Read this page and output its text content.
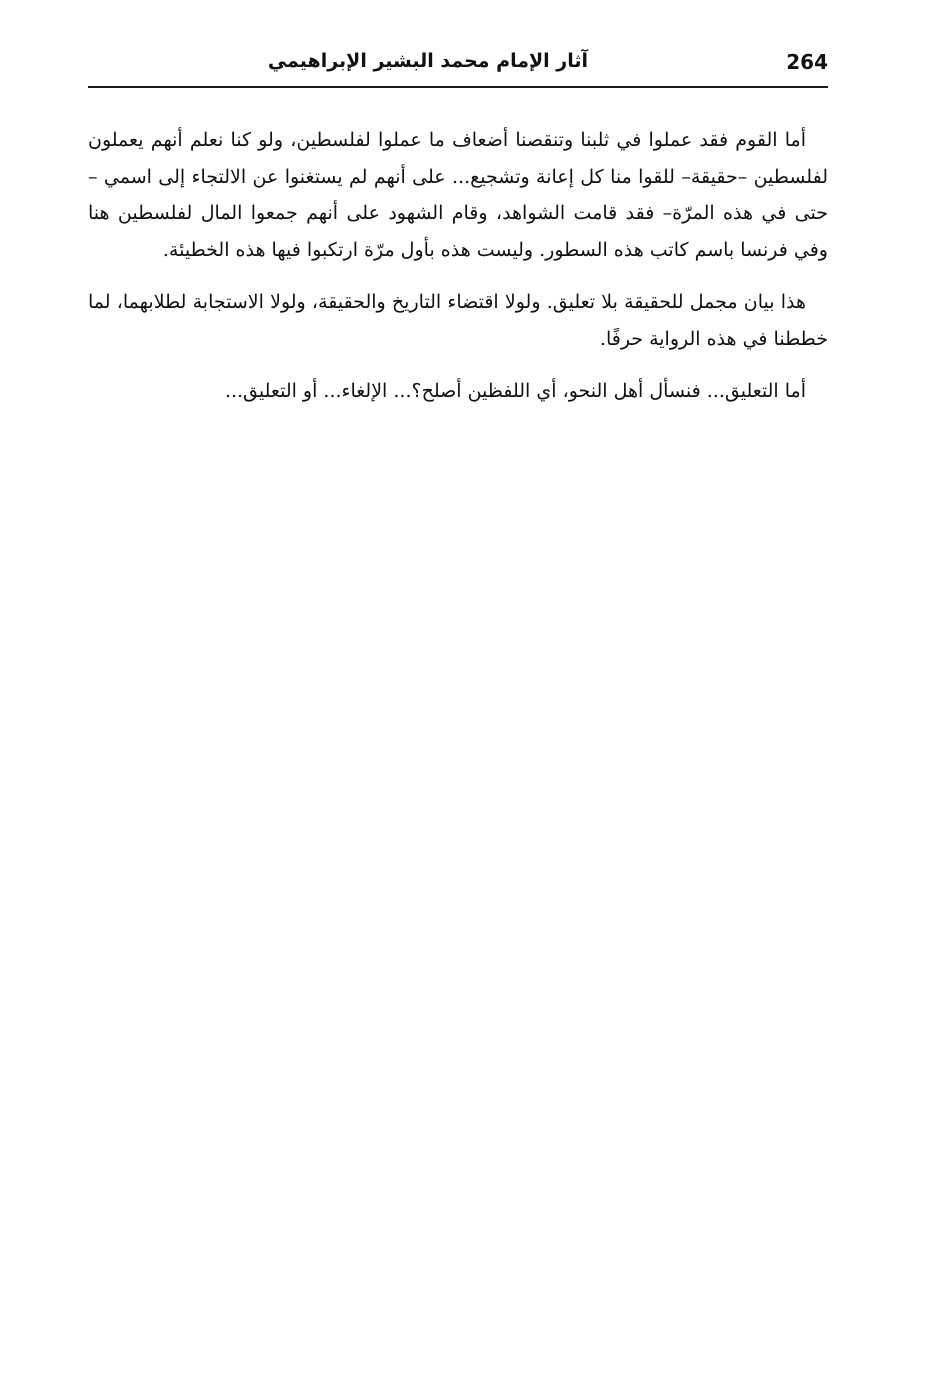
264
آثار الإمام محمد البشير الإبراهيمي

أما القوم فقد عملوا في ثلبنا وتنقصنا أضعاف ما عملوا لفلسطين، ولو كنا نعلم أنهم يعملون لفلسطين –حقيقة– للقوا منا كل إعانة وتشجيع... على أنهم لم يستغنوا عن الالتجاء إلى اسمي –حتى في هذه المرّة– فقد قامت الشواهد، وقام الشهود على أنهم جمعوا المال لفلسطين هنا وفي فرنسا باسم كاتب هذه السطور. وليست هذه بأول مرّة ارتكبوا فيها هذه الخطيئة.

هذا بيان مجمل للحقيقة بلا تعليق. ولولا اقتضاء التاريخ والحقيقة، ولولا الاستجابة لطلابهما، لما خططنا في هذه الرواية حرفًا.

أما التعليق... فنسأل أهل النحو، أي اللفظين أصلح؟... الإلغاء... أو التعليق...
